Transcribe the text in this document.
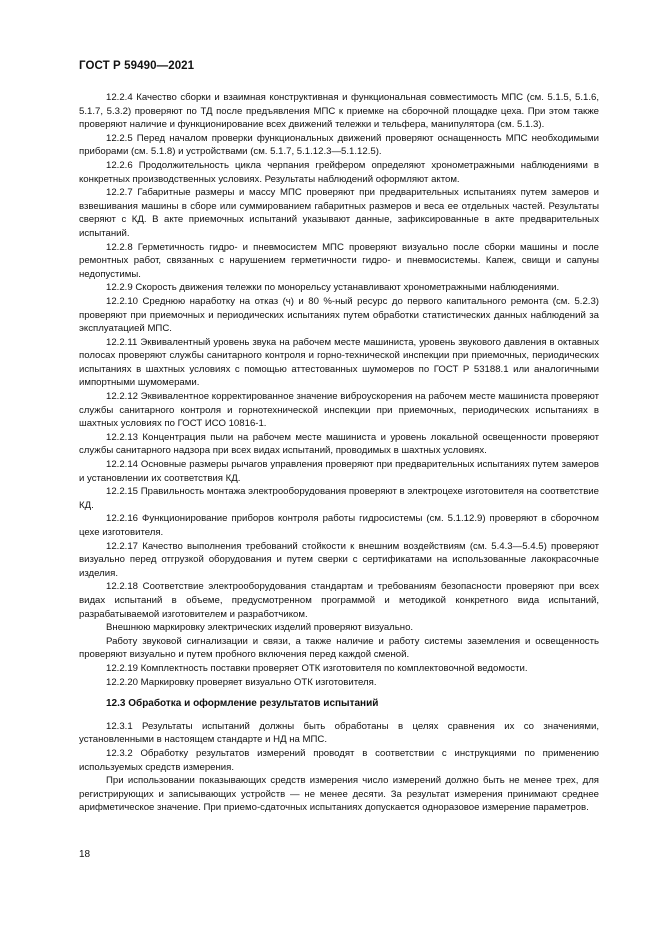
ГОСТ Р 59490—2021

12.2.4 Качество сборки и взаимная конструктивная и функциональная совместимость МПС (см. 5.1.5, 5.1.6, 5.1.7, 5.3.2) проверяют по ТД после предъявления МПС к приемке на сборочной площадке цеха. При этом также проверяют наличие и функционирование всех движений тележки и тельфера, манипулятора (см. 5.1.3).

12.2.5 Перед началом проверки функциональных движений проверяют оснащенность МПС необходимыми приборами (см. 5.1.8) и устройствами (см. 5.1.7, 5.1.12.3—5.1.12.5).

12.2.6 Продолжительность цикла черпания грейфером определяют хронометражными наблюдениями в конкретных производственных условиях. Результаты наблюдений оформляют актом.

12.2.7 Габаритные размеры и массу МПС проверяют при предварительных испытаниях путем замеров и взвешивания машины в сборе или суммированием габаритных размеров и веса ее отдельных частей. Результаты сверяют с КД. В акте приемочных испытаний указывают данные, зафиксированные в акте предварительных испытаний.

12.2.8 Герметичность гидро- и пневмосистем МПС проверяют визуально после сборки машины и после ремонтных работ, связанных с нарушением герметичности гидро- и пневмосистемы. Капеж, свищи и сапуны недопустимы.

12.2.9 Скорость движения тележки по монорельсу устанавливают хронометражными наблюдениями.

12.2.10 Среднюю наработку на отказ (ч) и 80 %-ный ресурс до первого капитального ремонта (см. 5.2.3) проверяют при приемочных и периодических испытаниях путем обработки статистических данных наблюдений за эксплуатацией МПС.

12.2.11 Эквивалентный уровень звука на рабочем месте машиниста, уровень звукового давления в октавных полосах проверяют службы санитарного контроля и горно-технической инспекции при приемочных, периодических испытаниях в шахтных условиях с помощью аттестованных шумомеров по ГОСТ Р 53188.1 или аналогичными импортными шумомерами.

12.2.12 Эквивалентное корректированное значение виброускорения на рабочем месте машиниста проверяют службы санитарного контроля и горнотехнической инспекции при приемочных, периодических испытаниях в шахтных условиях по ГОСТ ИСО 10816-1.

12.2.13 Концентрация пыли на рабочем месте машиниста и уровень локальной освещенности проверяют службы санитарного надзора при всех видах испытаний, проводимых в шахтных условиях.

12.2.14 Основные размеры рычагов управления проверяют при предварительных испытаниях путем замеров и установлении их соответствия КД.

12.2.15 Правильность монтажа электрооборудования проверяют в электроцехе изготовителя на соответствие КД.

12.2.16 Функционирование приборов контроля работы гидросистемы (см. 5.1.12.9) проверяют в сборочном цехе изготовителя.

12.2.17 Качество выполнения требований стойкости к внешним воздействиям (см. 5.4.3—5.4.5) проверяют визуально перед отгрузкой оборудования и путем сверки с сертификатами на использованные лакокрасочные изделия.

12.2.18 Соответствие электрооборудования стандартам и требованиям безопасности проверяют при всех видах испытаний в объеме, предусмотренном программой и методикой конкретного вида испытаний, разрабатываемой изготовителем и разработчиком.

Внешнюю маркировку электрических изделий проверяют визуально.

Работу звуковой сигнализации и связи, а также наличие и работу системы заземления и освещенность проверяют визуально и путем пробного включения перед каждой сменой.

12.2.19 Комплектность поставки проверяет ОТК изготовителя по комплектовочной ведомости.

12.2.20 Маркировку проверяет визуально ОТК изготовителя.

12.3 Обработка и оформление результатов испытаний

12.3.1 Результаты испытаний должны быть обработаны в целях сравнения их со значениями, установленными в настоящем стандарте и НД на МПС.

12.3.2 Обработку результатов измерений проводят в соответствии с инструкциями по применению используемых средств измерения.

При использовании показывающих средств измерения число измерений должно быть не менее трех, для регистрирующих и записывающих устройств — не менее десяти. За результат измерения принимают среднее арифметическое значение. При приемо-сдаточных испытаниях допускается одноразовое измерение параметров.

18
